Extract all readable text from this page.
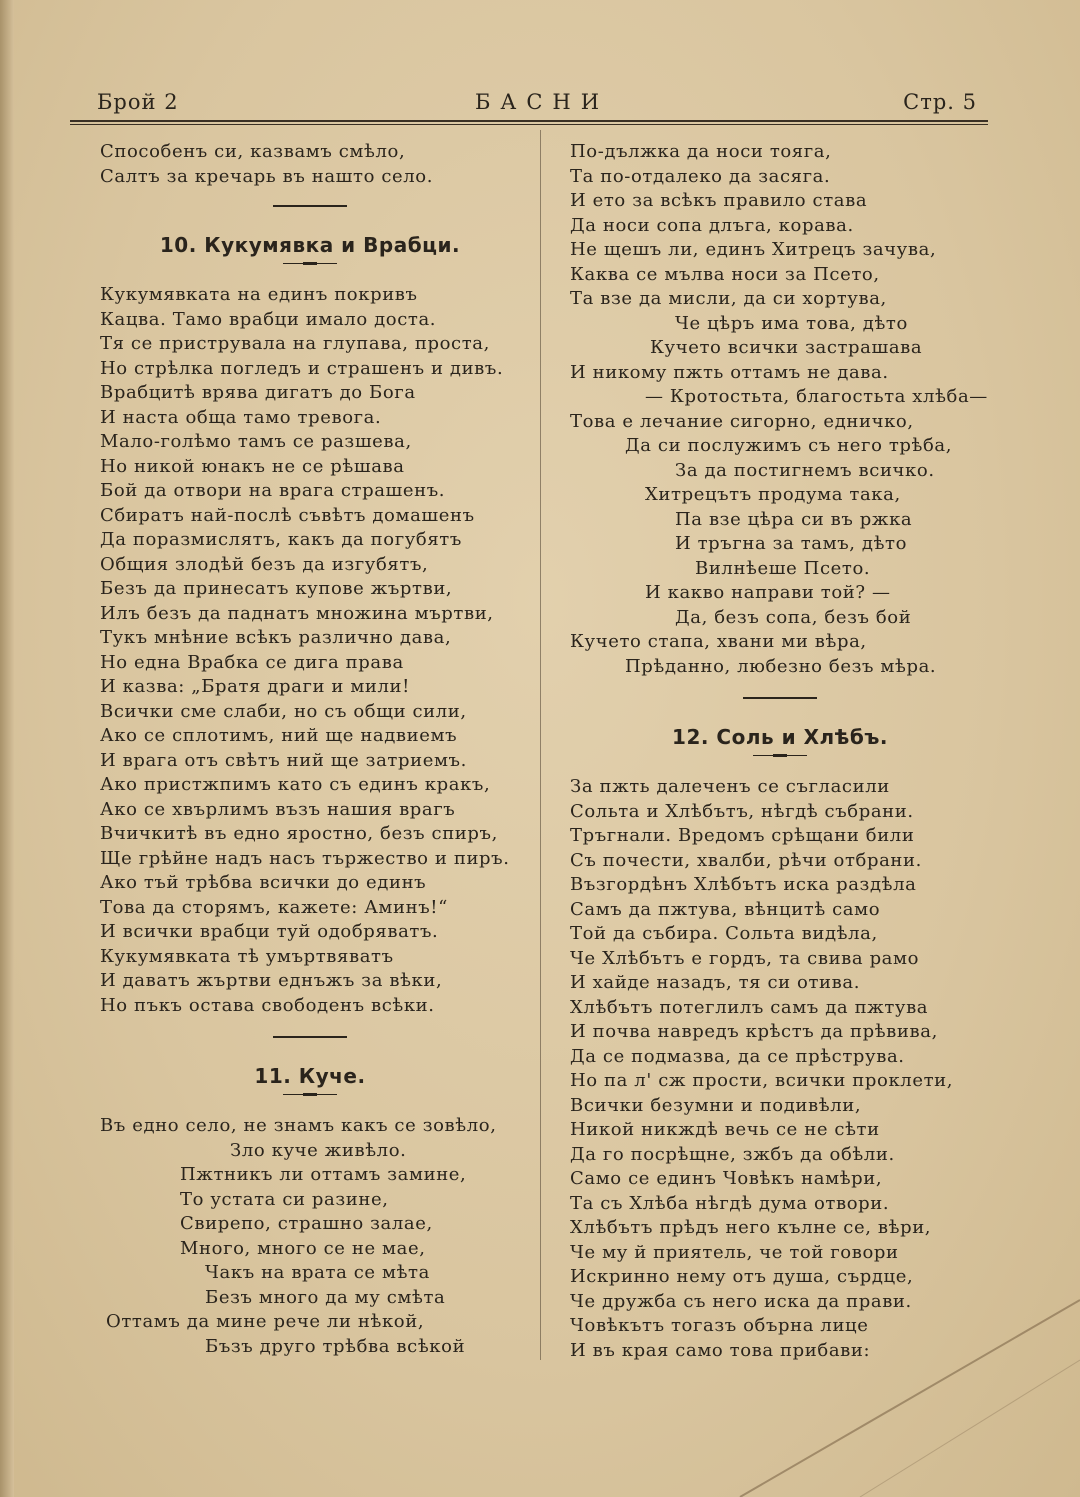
Брой 2	БАСНИ	Стр. 5
Способенъ си, казвамъ смѣло,
Салтъ за кречарь въ нашто село.
10. Кукумявка и Врабци.
Кукумявката на единъ покривъ
Кацва. Тамо врабци имало доста.
Тя се приструвала на глупава, проста,
Но стрѣлка погледъ и страшенъ и дивъ.
Врабцитѣ врява дигатъ до Бога
И наста обща тамо тревога.
Мало-голѣмо тамъ се разшева,
Но никой юнакъ не се рѣшава
Бой да отвори на врага страшенъ.
Сбиратъ най-послѣ съвѣтъ домашенъ
Да поразмислятъ, какъ да погубятъ
Общия злодѣй безъ да изгубятъ,
Безъ да принесатъ купове жъртви,
Илъ безъ да паднатъ множина мъртви,
Тукъ мнѣние всѣкъ различно дава,
Но една Врабка се дига права
И казва: „Братя драги и мили!
Всички сме слаби, но съ общи сили,
Ако се сплотимъ, ний ще надвиемъ
И врага отъ свѣтъ ний ще затриемъ.
Ако пристжпимъ като съ единъ кракъ,
Ако се хвърлимъ възъ нашия врагъ
Вчичкитѣ въ едно яростно, безъ спиръ,
Ще грѣйне надъ насъ тържество и пиръ.
Ако тъй трѣбва всички до единъ
Това да сторямъ, кажете: Аминъ!“
И всички врабци туй одобряватъ.
Кукумявката тѣ умъртвяватъ
И даватъ жъртви еднъжъ за вѣки,
Но пъкъ остава свободенъ всѣки.
11. Куче.
Въ едно село, не знамъ какъ се зовѣло,
Зло куче живѣло.
Пжтникъ ли оттамъ замине,
То устата си разине,
Свирепо, страшно залае,
Много, много се не мае,
Чакъ на врата се мѣта
Безъ много да му смѣта
Оттамъ да мине рече ли нѣкой,
Бъзъ друго трѣбва всѣкой
По-дължка да носи тояга,
Та по-отдалеко да засяга.
И ето за всѣкъ правило става
Да носи сопа длъга, корава.
Не щешъ ли, единъ Хитрецъ зачува,
Каква се мълва носи за Псето,
Та взе да мисли, да си хортува,
Че цѣръ има това, дѣто
Кучето всички застрашава
И никому пжть оттамъ не дава.
— Кротостьта, благостьта хлѣба—
Това е лечание сигорно, едничко,
Да си послужимъ съ него трѣба,
За да постигнемъ всичко.
Хитрецътъ продума така,
Па взе цѣра си въ ржка
И тръгна за тамъ, дѣто
Вилнѣеше Псето.
И какво направи той? —
Да, безъ сопа, безъ бой
Кучето стапа, хвани ми вѣра,
Прѣданно, любезно безъ мѣра.
12. Соль и Хлѣбъ.
За пжть далеченъ се съгласили
Сольта и Хлѣбътъ, нѣгдѣ събрани.
Тръгнали. Вредомъ срѣщани били
Съ почести, хвалби, рѣчи отбрани.
Възгордѣнъ Хлѣбътъ иска раздѣла
Самъ да пжтува, вѣнцитѣ само
Той да събира. Сольта видѣла,
Че Хлѣбътъ е гордъ, та свива рамо
И хайде назадъ, тя си отива.
Хлѣбътъ потеглилъ самъ да пжтува
И почва навредъ крѣстъ да прѣвива,
Да се подмазва, да се прѣструва.
Но па л' сж прости, всички проклети,
Всички безумни и подивѣли,
Никой никждѣ вечь се не сѣти
Да го посрѣщне, зжбъ да обѣли.
Само се единъ Човѣкъ намѣри,
Та съ Хлѣба нѣгдѣ дума отвори.
Хлѣбътъ прѣдъ него кълне се, вѣри,
Че му й приятель, че той говори
Искринно нему отъ душа, сърдце,
Че дружба съ него иска да прави.
Човѣкътъ тогазъ обърна лице
И въ края само това прибави:
